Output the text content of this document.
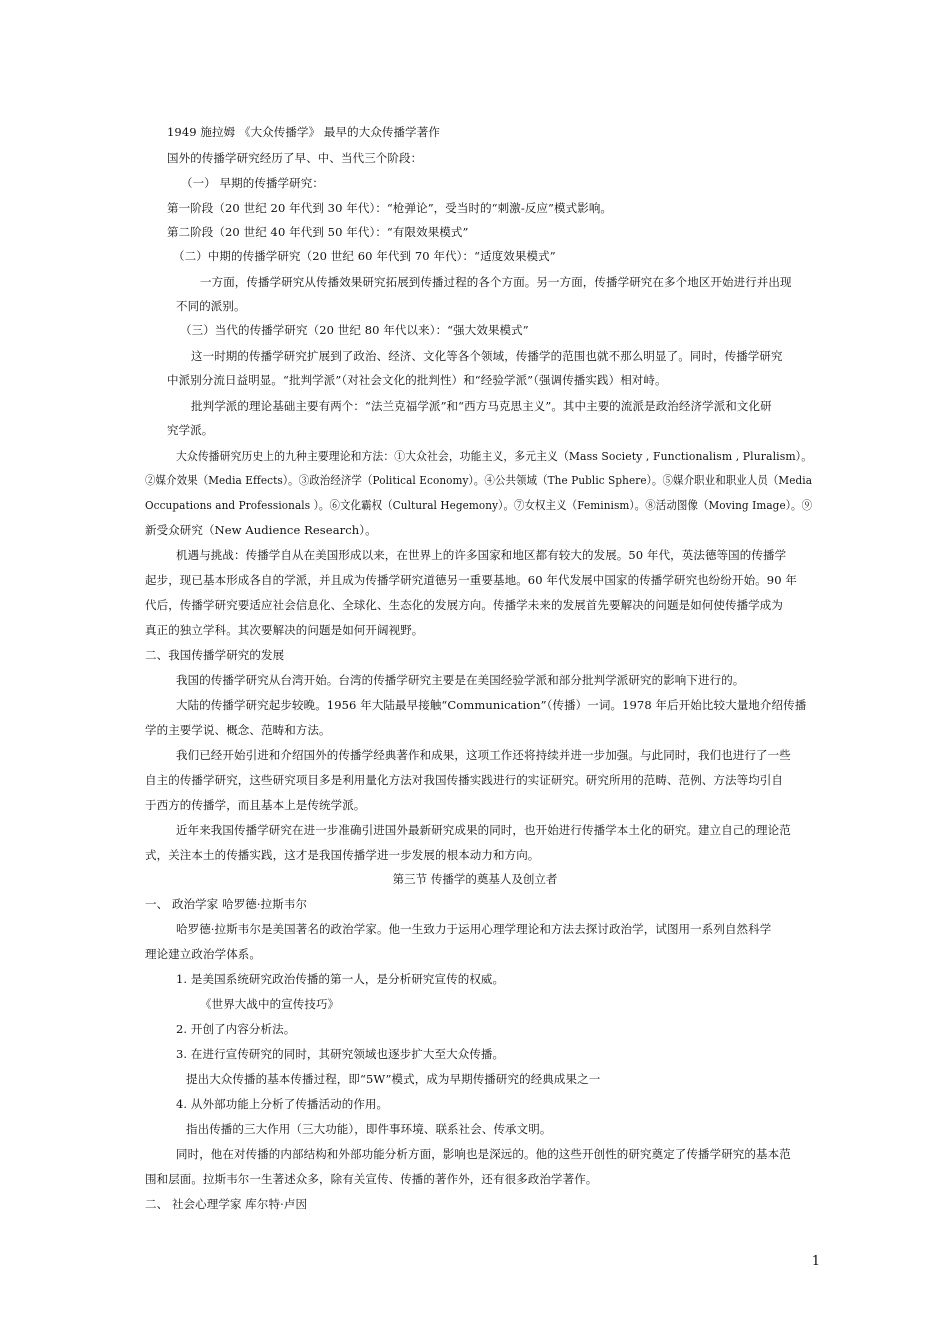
1949 施拉姆 《大众传播学》 最早的大众传播学著作
国外的传播学研究经历了早、中、当代三个阶段：
（一） 早期的传播学研究：
第一阶段（20 世纪 20 年代到 30 年代）：“枪弹论”，受当时的“刺激-反应”模式影响。
第二阶段（20 世纪 40 年代到 50 年代）：“有限效果模式”
（二）中期的传播学研究（20 世纪 60 年代到 70 年代）：“适度效果模式”
一方面，传播学研究从传播效果研究拓展到传播过程的各个方面。另一方面，传播学研究在多个地区开始进行并出现
不同的派别。
（三）当代的传播学研究（20 世纪 80 年代以来）：“强大效果模式”
这一时期的传播学研究扩展到了政治、经济、文化等各个领域，传播学的范围也就不那么明显了。同时，传播学研究
中派别分流日益明显。“批判学派”（对社会文化的批判性）和“经验学派”（强调传播实践）相对峙。
批判学派的理论基础主要有两个：“法兰克福学派”和“西方马克思主义”。其中主要的流派是政治经济学派和文化研
究学派。
大众传播研究历史上的九种主要理论和方法：①大众社会，功能主义，多元主义（Mass Society , Functionalism , Pluralism）。
②媒介效果（Media Effects）。③政治经济学（Political Economy）。④公共领域（The Public Sphere）。⑤媒介职业和职业人员（Media
Occupations and Professionals ）。⑥文化霸权（Cultural Hegemony）。⑦女权主义（Feminism）。⑧活动图像（Moving Image）。⑨
新受众研究（New Audience Research）。
机遇与挑战：传播学自从在美国形成以来，在世界上的许多国家和地区都有较大的发展。50 年代，英法德等国的传播学
起步，现已基本形成各自的学派，并且成为传播学研究道德另一重要基地。60 年代发展中国家的传播学研究也纷纷开始。90 年
代后，传播学研究要适应社会信息化、全球化、生态化的发展方向。传播学未来的发展首先要解决的问题是如何使传播学成为
真正的独立学科。其次要解决的问题是如何开阔视野。
二、我国传播学研究的发展
我国的传播学研究从台湾开始。台湾的传播学研究主要是在美国经验学派和部分批判学派研究的影响下进行的。
大陆的传播学研究起步较晚。1956 年大陆最早接触“Communication”（传播）一词。1978 年后开始比较大量地介绍传播
学的主要学说、概念、范畴和方法。
我们已经开始引进和介绍国外的传播学经典著作和成果，这项工作还将持续并进一步加强。与此同时，我们也进行了一些
自主的传播学研究，这些研究项目多是利用量化方法对我国传播实践进行的实证研究。研究所用的范畴、范例、方法等均引自
于西方的传播学，而且基本上是传统学派。
近年来我国传播学研究在进一步准确引进国外最新研究成果的同时，也开始进行传播学本土化的研究。建立自己的理论范
式，关注本土的传播实践，这才是我国传播学进一步发展的根本动力和方向。
第三节 传播学的奠基人及创立者
一、 政治学家 哈罗德·拉斯韦尔
哈罗德·拉斯韦尔是美国著名的政治学家。他一生致力于运用心理学理论和方法去探讨政治学，试图用一系列自然科学
理论建立政治学体系。
1. 是美国系统研究政治传播的第一人，是分析研究宣传的权威。
《世界大战中的宣传技巧》
2. 开创了内容分析法。
3. 在进行宣传研究的同时，其研究领域也逐步扩大至大众传播。
提出大众传播的基本传播过程，即“5W”模式，成为早期传播研究的经典成果之一
4. 从外部功能上分析了传播活动的作用。
指出传播的三大作用（三大功能），即件事环境、联系社会、传承文明。
同时，他在对传播的内部结构和外部功能分析方面，影响也是深远的。他的这些开创性的研究奠定了传播学研究的基本范
围和层面。拉斯韦尔一生著述众多，除有关宣传、传播的著作外，还有很多政治学著作。
二、 社会心理学家 库尔特·卢因
1
